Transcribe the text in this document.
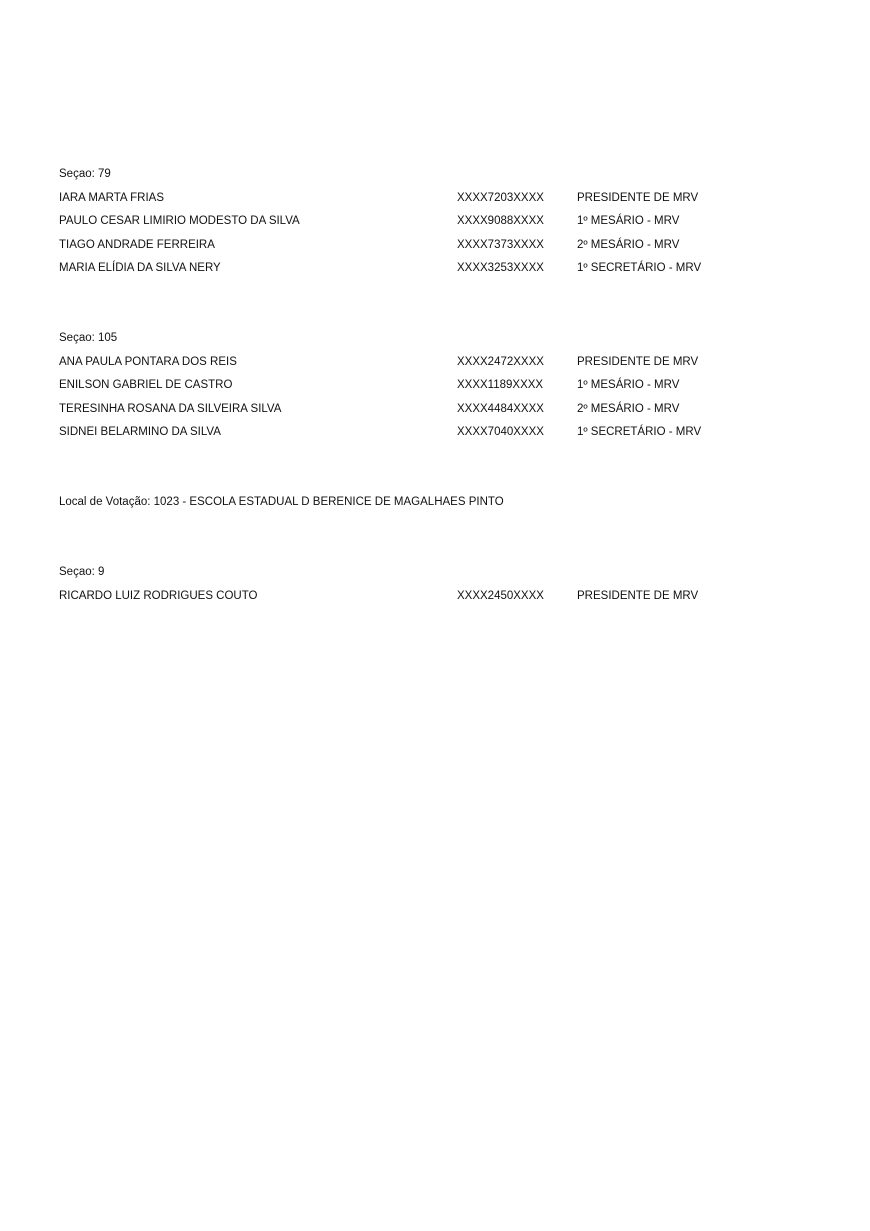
Seçao: 79
IARA MARTA FRIAS	XXXX7203XXXX	PRESIDENTE DE MRV
PAULO CESAR LIMIRIO MODESTO DA SILVA	XXXX9088XXXX	1º MESÁRIO - MRV
TIAGO ANDRADE FERREIRA	XXXX7373XXXX	2º MESÁRIO - MRV
MARIA ELÍDIA DA SILVA NERY	XXXX3253XXXX	1º SECRETÁRIO - MRV
Seçao: 105
ANA PAULA PONTARA DOS REIS	XXXX2472XXXX	PRESIDENTE DE MRV
ENILSON GABRIEL DE CASTRO	XXXX1189XXXX	1º MESÁRIO - MRV
TERESINHA ROSANA DA SILVEIRA SILVA	XXXX4484XXXX	2º MESÁRIO - MRV
SIDNEI BELARMINO DA SILVA	XXXX7040XXXX	1º SECRETÁRIO - MRV
Local de Votação: 1023 - ESCOLA ESTADUAL D BERENICE DE MAGALHAES PINTO
Seçao: 9
RICARDO LUIZ RODRIGUES COUTO	XXXX2450XXXX	PRESIDENTE DE MRV
